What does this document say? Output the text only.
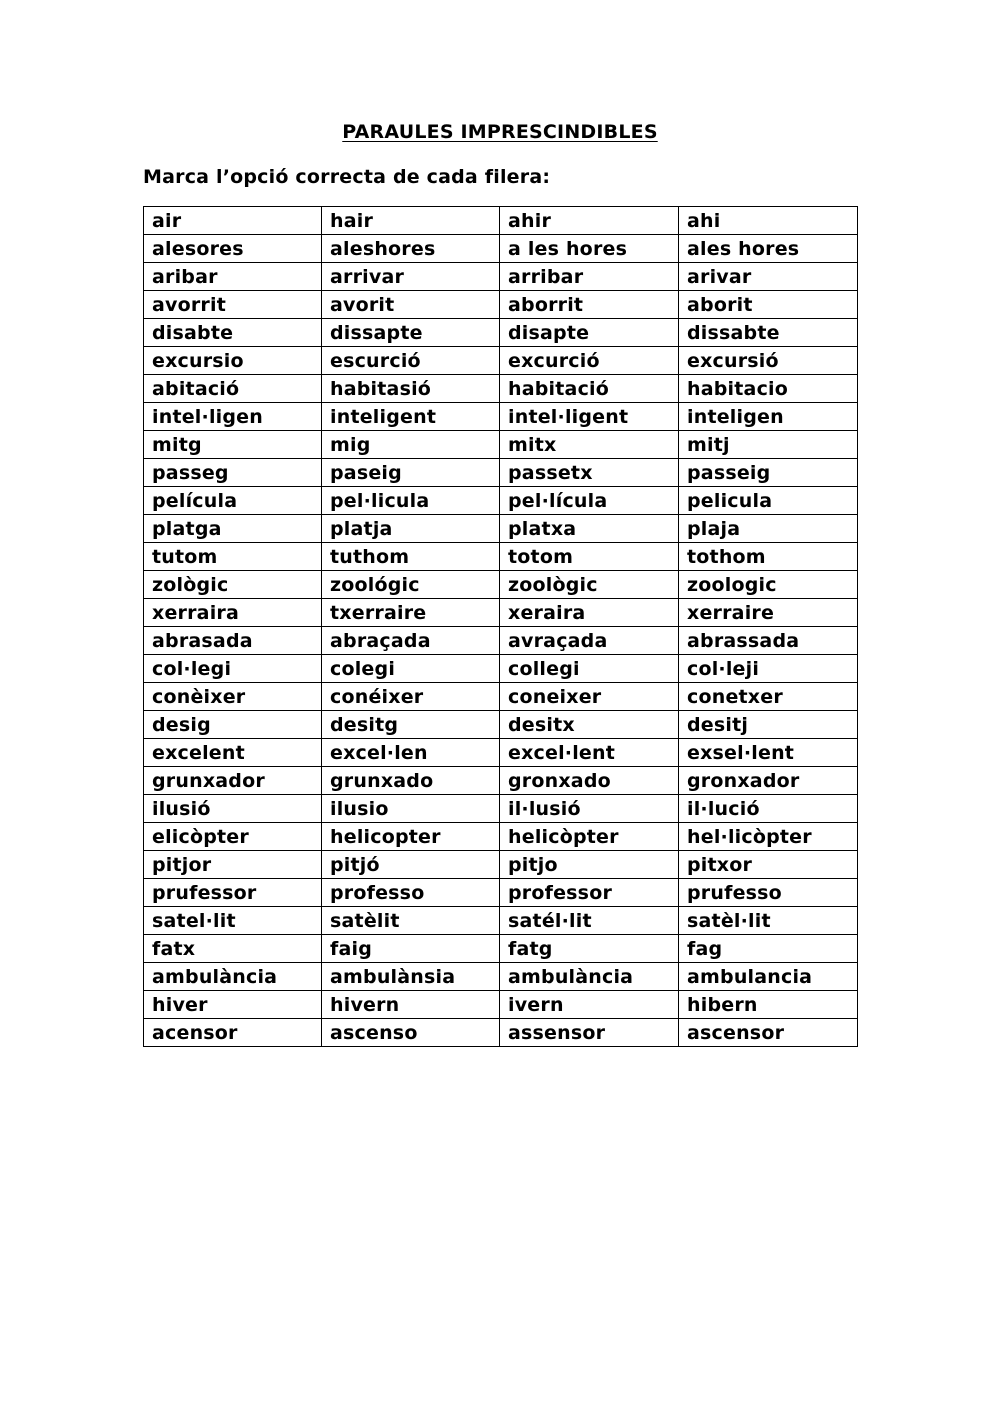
PARAULES IMPRESCINDIBLES
Marca l’opció correcta de cada filera:
air	hair	ahir	ahi
alesores	aleshores	a les hores	ales hores
aribar	arrivar	arribar	arivar
avorrit	avorit	aborrit	aborit
disabte	dissapte	disapte	dissabte
excursio	escurció	excurció	excursió
abitació	habitasió	habitació	habitacio
intel·ligen	inteligent	intel·ligent	inteligen
mitg	mig	mitx	mitj
passeg	paseig	passetx	passeig
película	pel·licula	pel·lícula	pelicula
platga	platja	platxa	plaja
tutom	tuthom	totom	tothom
zològic	zoológic	zoològic	zoologic
xerraira	txerraire	xeraira	xerraire
abrasada	abraçada	avraçada	abrassada
col·legi	colegi	collegi	col·leji
conèixer	conéixer	coneixer	conetxer
desig	desitg	desitx	desitj
excelent	excel·len	excel·lent	exsel·lent
grunxador	grunxado	gronxado	gronxador
ilusió	ilusio	il·lusió	il·lució
elicòpter	helicopter	helicòpter	hel·licòpter
pitjor	pitjó	pitjo	pitxor
prufessor	professo	professor	prufesso
satel·lit	satèlit	satél·lit	satèl·lit
fatx	faig	fatg	fag
ambulància	ambulànsia	ambulància	ambulancia
hiver	hivern	ivern	hibern
acensor	ascenso	assensor	ascensor
